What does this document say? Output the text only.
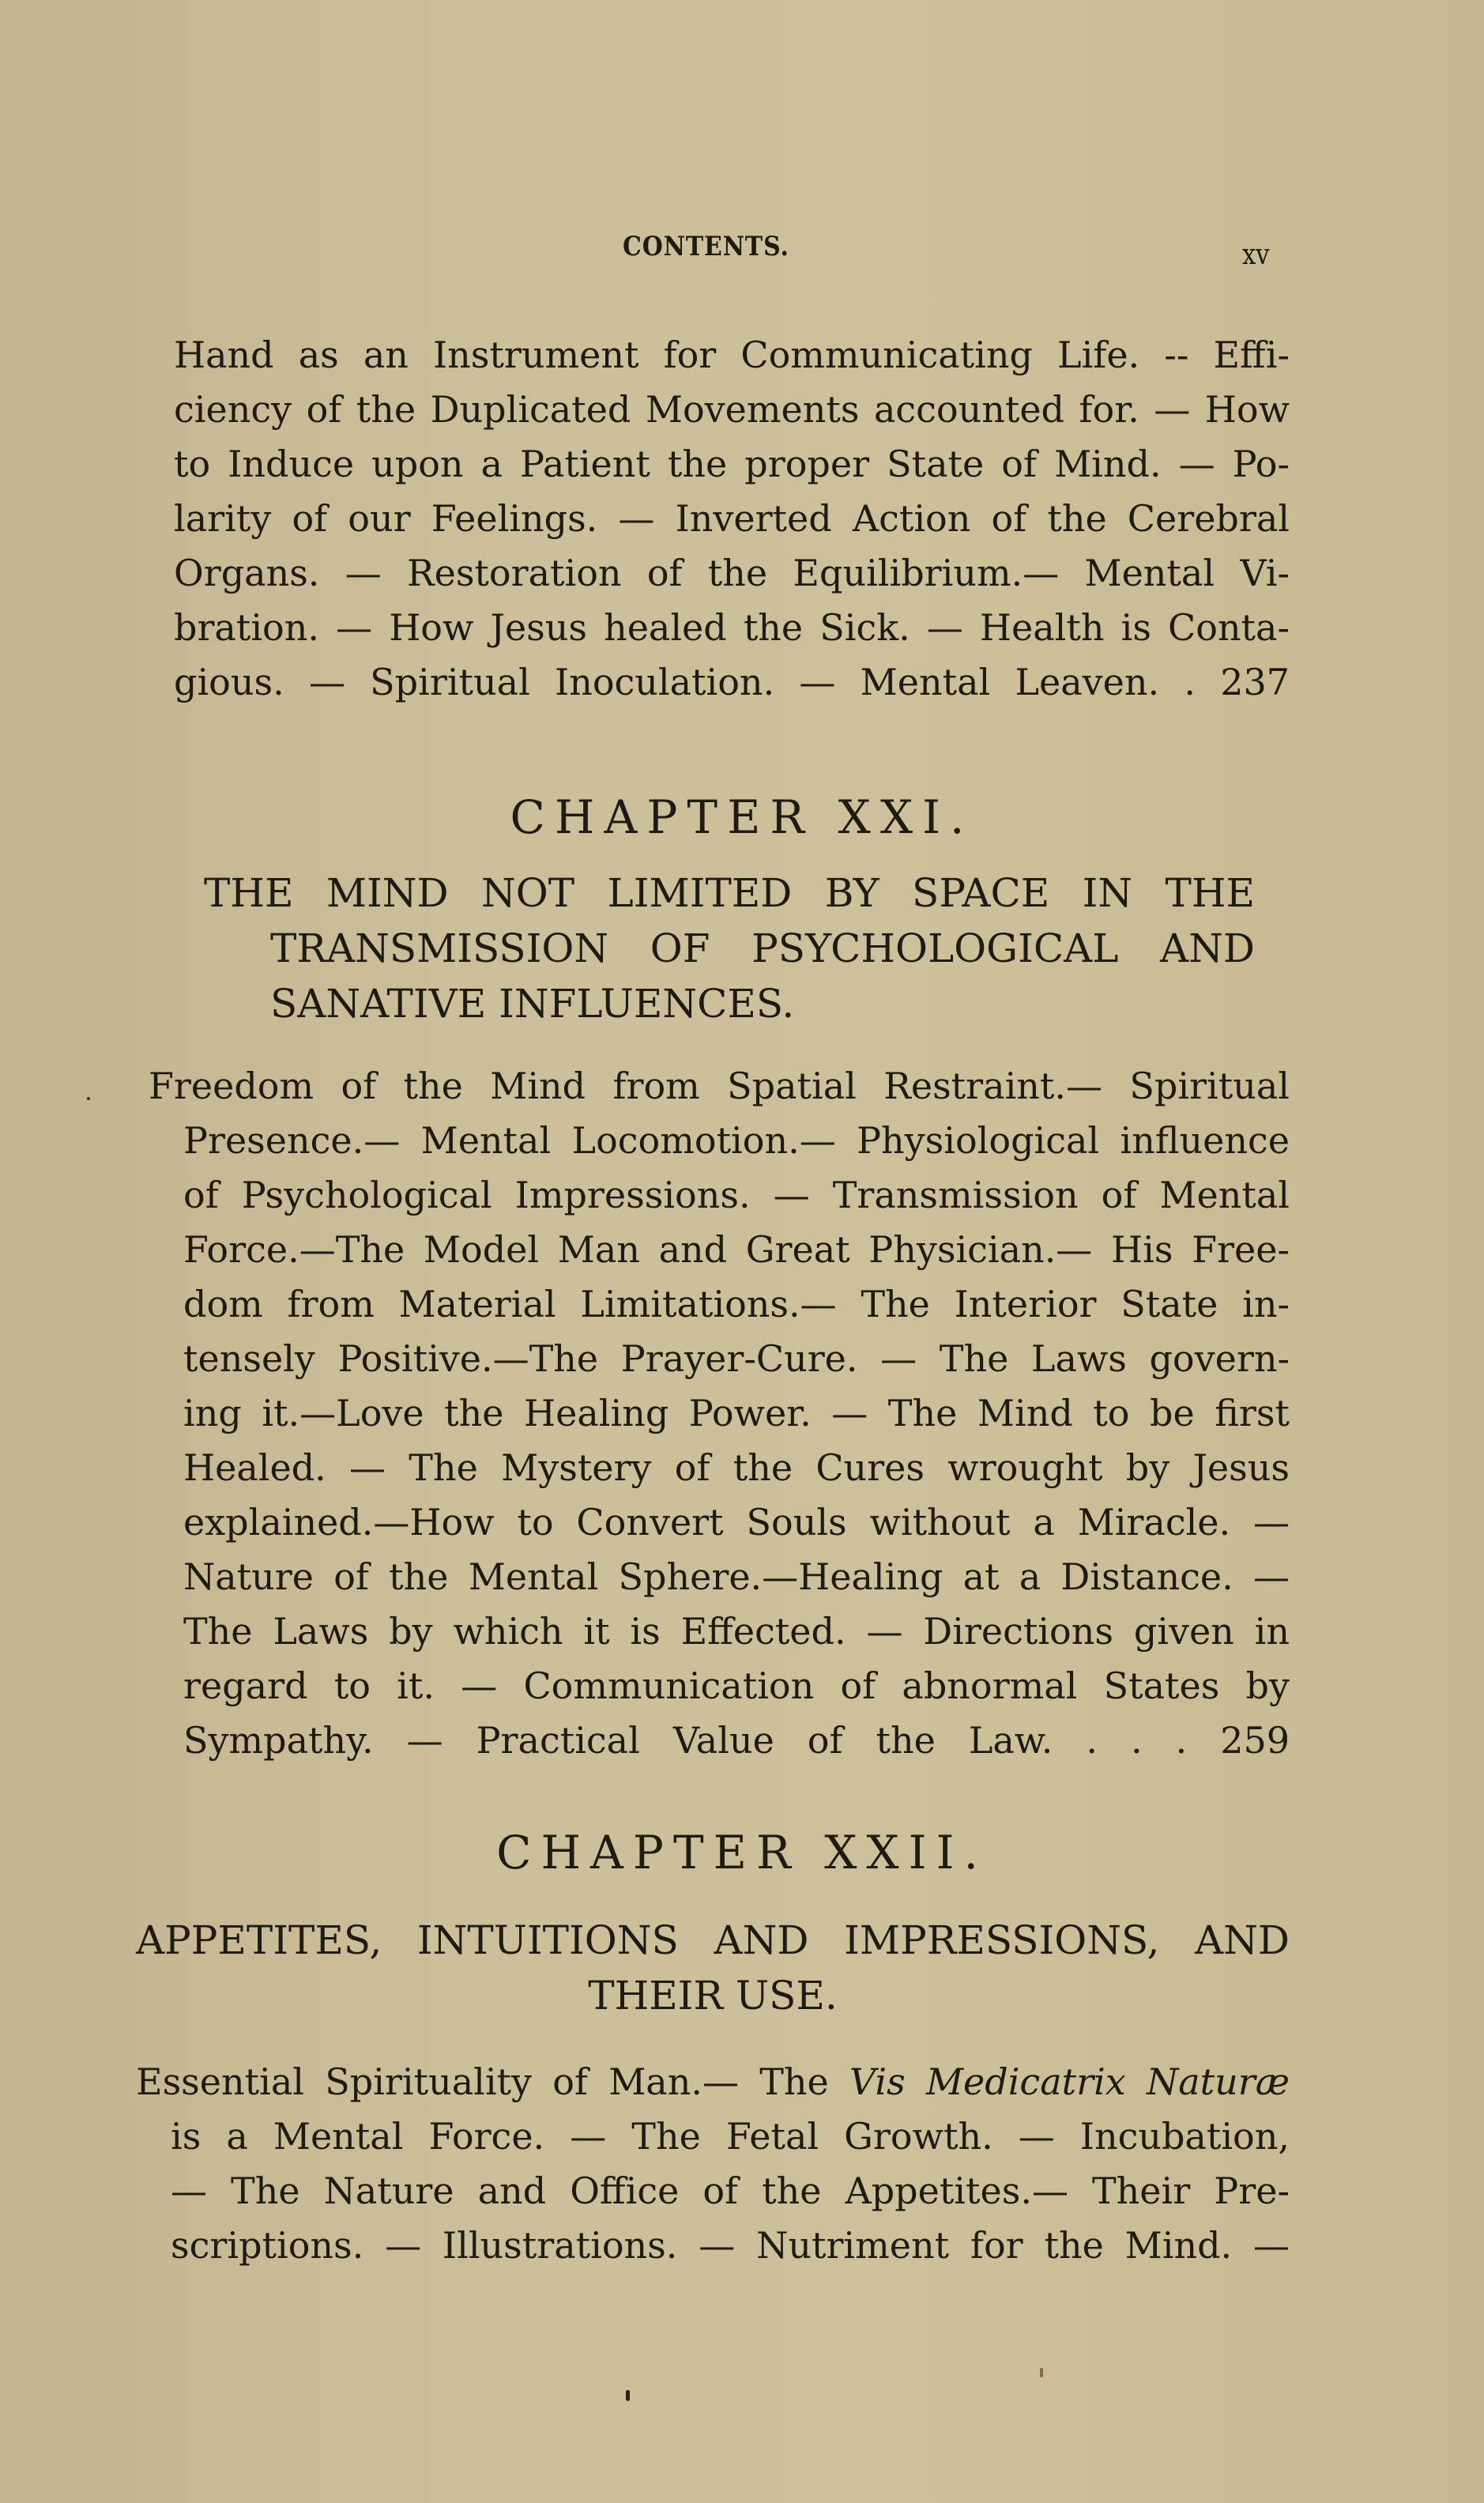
CONTENTS.	xv
Hand as an Instrument for Communicating Life. -- Effi-
ciency of the Duplicated Movements accounted for. — How
to Induce upon a Patient the proper State of Mind. — Po-
larity of our Feelings. — Inverted Action of the Cerebral
Organs. — Restoration of the Equilibrium.— Mental Vi-
bration. — How Jesus healed the Sick. — Health is Conta-
gious. — Spiritual Inoculation. — Mental Leaven. . 237
CHAPTER XXI.
THE MIND NOT LIMITED BY SPACE IN THE
TRANSMISSION OF PSYCHOLOGICAL AND
SANATIVE INFLUENCES.
Freedom of the Mind from Spatial Restraint.— Spiritual
Presence.— Mental Locomotion.— Physiological influence
of Psychological Impressions. — Transmission of Mental
Force.—The Model Man and Great Physician.— His Free-
dom from Material Limitations.— The Interior State in-
tensely Positive.—The Prayer-Cure. — The Laws govern-
ing it.—Love the Healing Power. — The Mind to be first
Healed. — The Mystery of the Cures wrought by Jesus
explained.—How to Convert Souls without a Miracle. —
Nature of the Mental Sphere.—Healing at a Distance. —
The Laws by which it is Effected. — Directions given in
regard to it. — Communication of abnormal States by
Sympathy. — Practical Value of the Law. . . . 259
CHAPTER XXII.
APPETITES, INTUITIONS AND IMPRESSIONS, AND
THEIR USE.
Essential Spirituality of Man.— The Vis Medicatrix Naturæ
is a Mental Force. — The Fetal Growth. — Incubation,
— The Nature and Office of the Appetites.— Their Pre-
scriptions. — Illustrations. — Nutriment for the Mind. —
